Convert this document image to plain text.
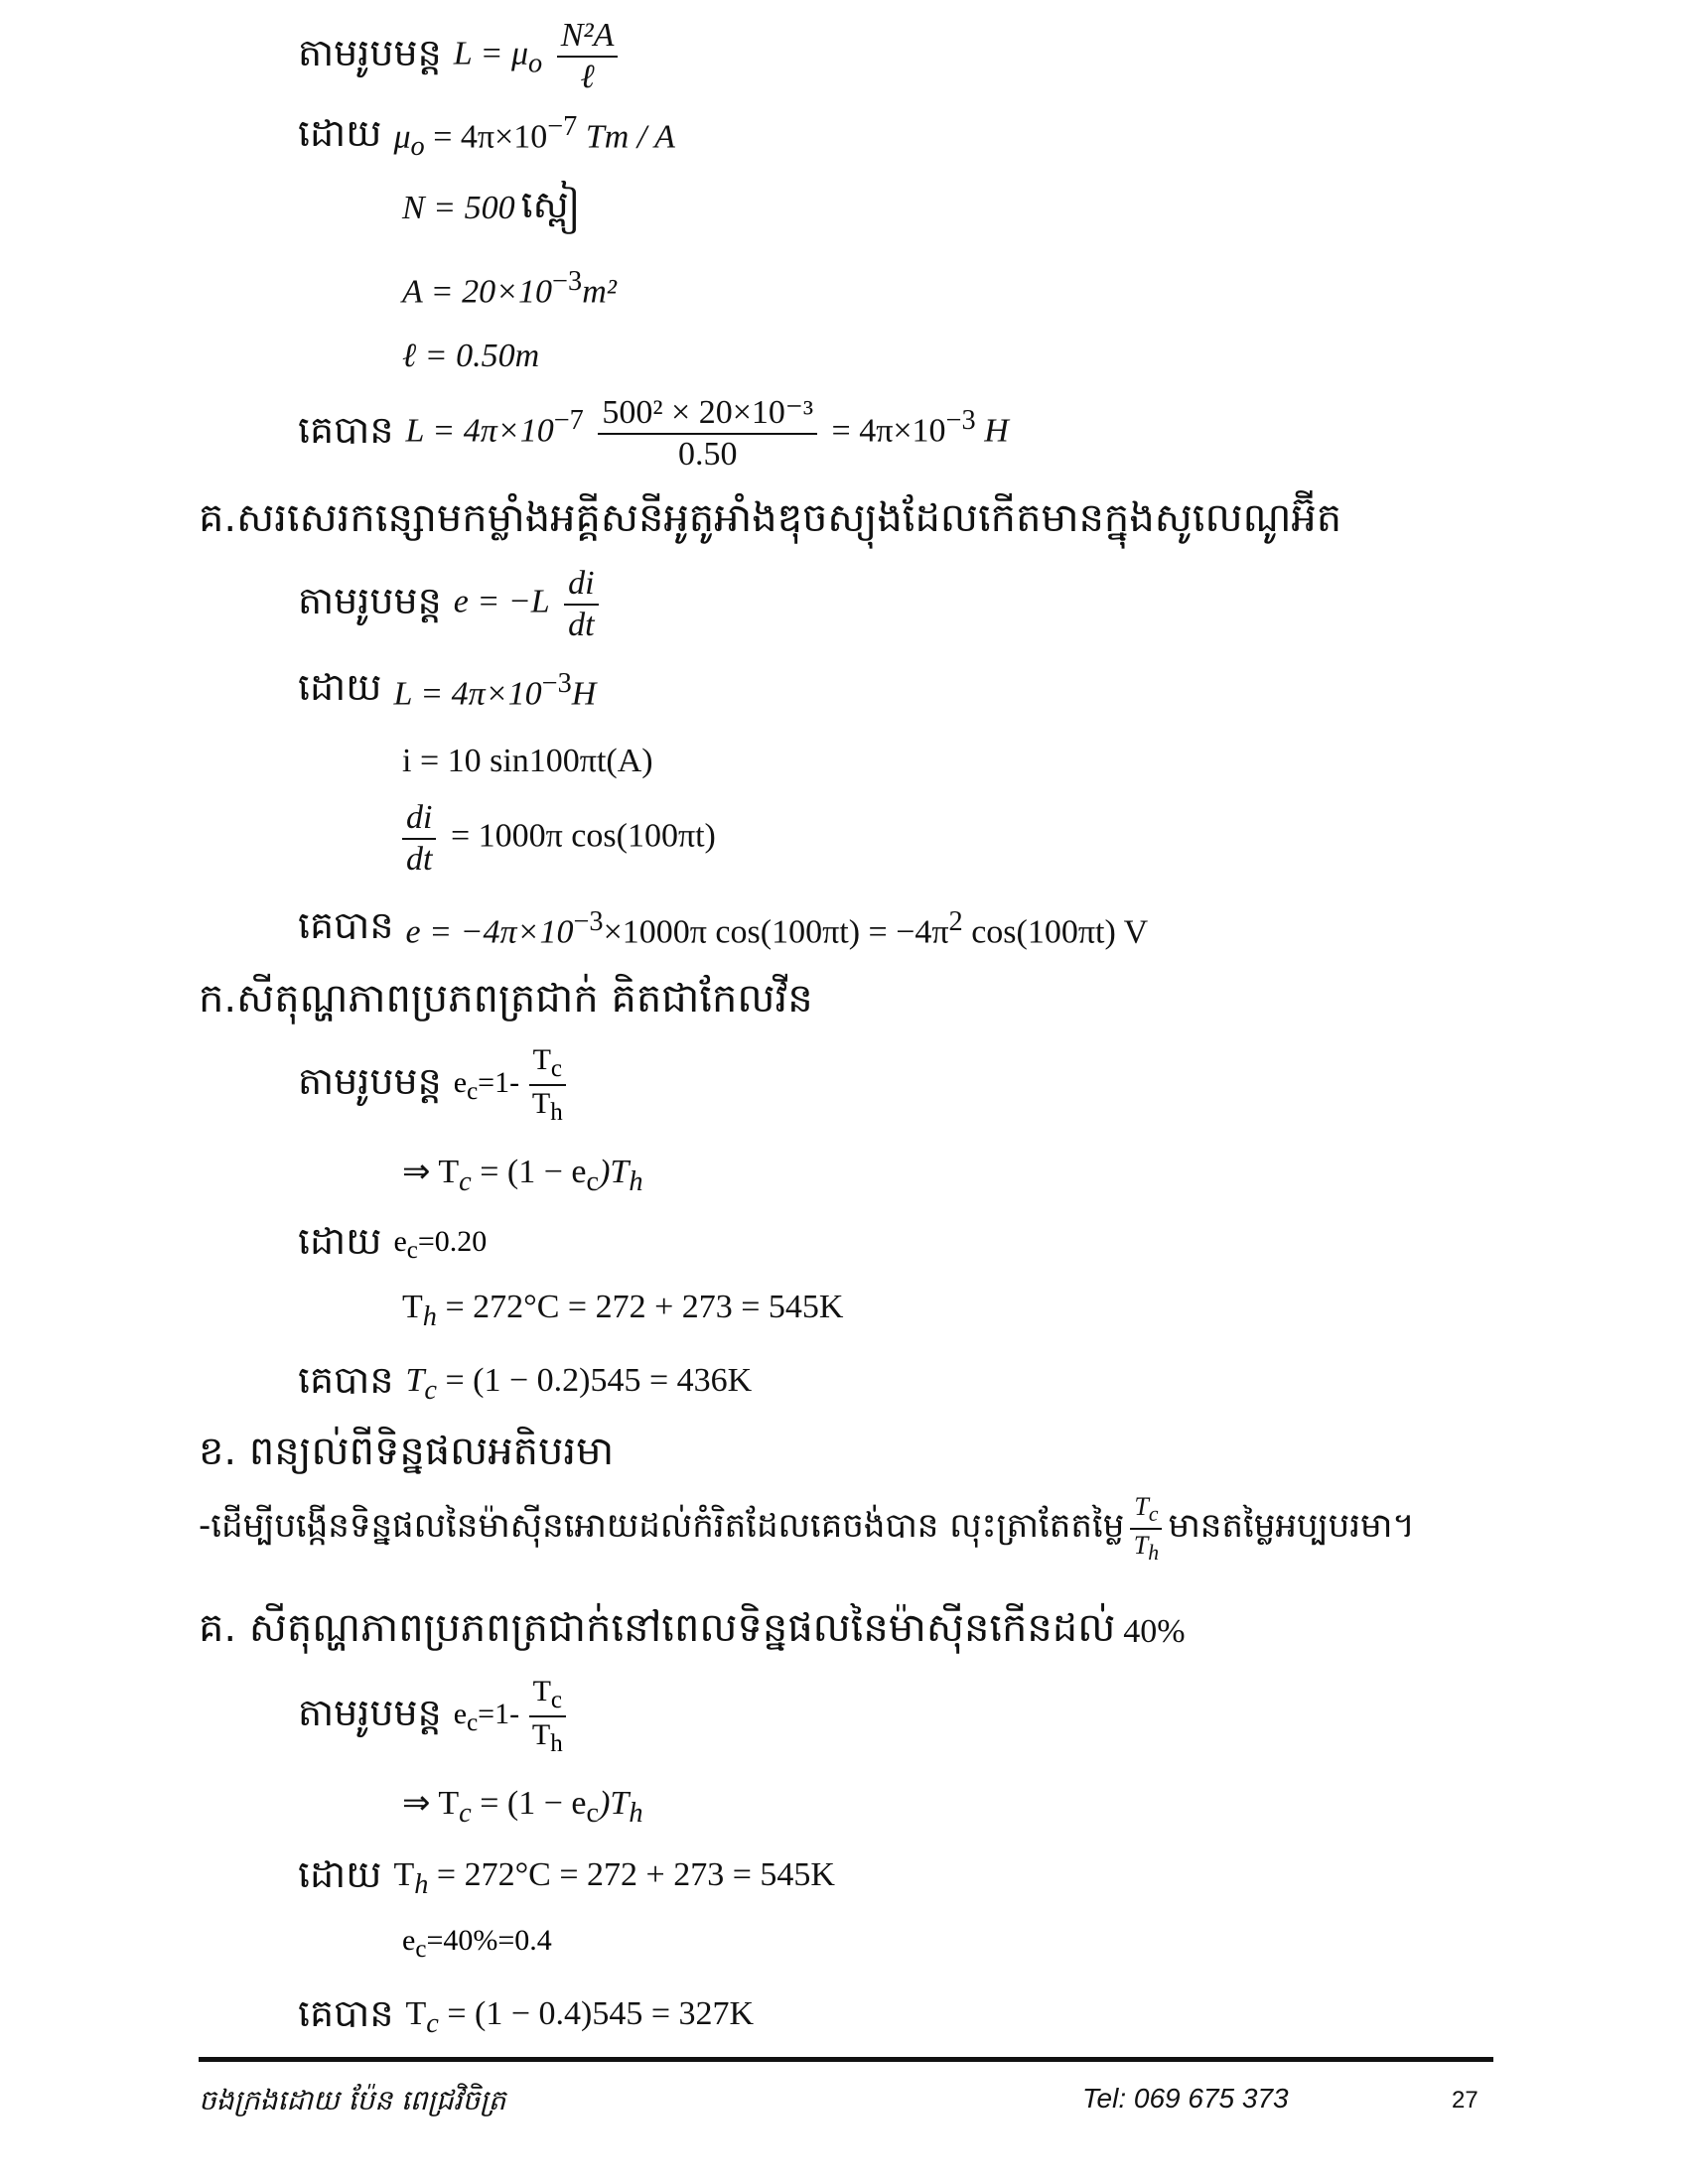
តាមរូបមន្ត $L = \mu_o \frac{\text{N²A}}{\text{ℓ}}$
ដោយ $\mu_o = 4\pi\times 10^{-7}$ Tm / A
N = 500 ស្ពៀ
$A = 20\times 10^{-3}m^2$
ℓ = 0.50m
គេបាន $L = 4\pi\times 10^{-7} \frac{\text{500² × 20×10⁻³}}{0.50} = 4\pi\times 10^{-3}$ H
គ.សរសេរកន្សោមកម្លាំងអគ្គីសនីអូតូអាំងឌុចស្យុងដែលកើតមានក្នុងសូលេណូអ៊ីត
តាមរូបមន្ត $e = -L \frac{di}{dt}$
ដោយ $L = 4\pi\times 10^{-3}H$
i = 10 sin100πt(A)
$\frac{di}{dt} = 1000\pi$ cos(100πt)
គេបាន $e = -4\pi\times 10^{-3}\times 1000\pi$ $\cos(100\pi t) = -4\pi^2$ cos(100πt) V
ក.សីតុណ្ហភាពប្រភពត្រជាក់ គិតជាកែលវីន
តាមរូបមន្ត $e_c=1- \frac{T_c}{T_h}$
⇒ $T_c = (1 - e_c)T_h$
ដោយ $e_c=0.20$
$T_h = 272^\circ C = 272 + 273 = 545K$
គេបាន $T_c = (1 - 0.2)545 = 436K$
ខ. ពន្យល់ពីទិន្នផលអតិបរមា
-ដើម្បីបង្កើនទិន្នផលនៃម៉ាស៊ីនអោយដល់កំរិតដែលគេចង់បាន លុះត្រាតែតម្លៃ $\frac{T_c}{T_h}$ មានតម្លៃអប្បបរមា។
គ. សីតុណ្ហភាពប្រភពត្រជាក់នៅពេលទិន្នផលនៃម៉ាស៊ីនកើនដល់ 40%
តាមរូបមន្ត $e_c=1- \frac{T_c}{T_h}$
⇒ $T_c = (1 - e_c)T_h$
ដោយ $T_h = 272^\circ C = 272 + 273 = 545K$
$e_c=40\%=0.4$
គេបាន $T_c = (1 - 0.4)545 = 327K$
ចងក្រងដោយ ប៉ែន ពេជ្រវិចិត្រ	Tel: 069 675 373	27
